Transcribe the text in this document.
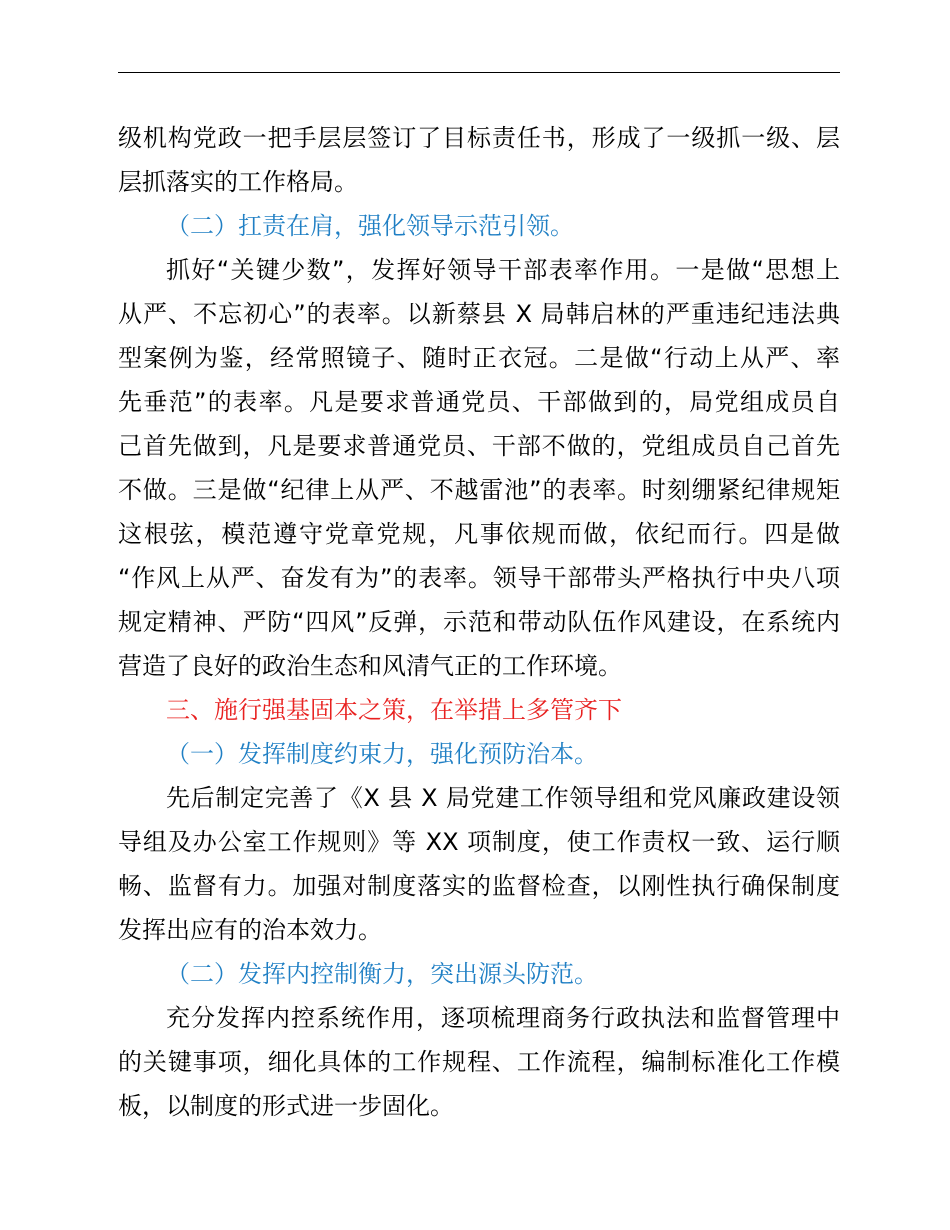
级机构党政一把手层层签订了目标责任书，形成了一级抓一级、层
层抓落实的工作格局。
（二）扛责在肩，强化领导示范引领。
抓好“关键少数”，发挥好领导干部表率作用。一是做“思想上
从严、不忘初心”的表率。以新蔡县 X 局韩启林的严重违纪违法典
型案例为鉴，经常照镜子、随时正衣冠。二是做“行动上从严、率
先垂范”的表率。凡是要求普通党员、干部做到的，局党组成员自
己首先做到，凡是要求普通党员、干部不做的，党组成员自己首先
不做。三是做“纪律上从严、不越雷池”的表率。时刻绷紧纪律规矩
这根弦，模范遵守党章党规，凡事依规而做，依纪而行。四是做
“作风上从严、奋发有为”的表率。领导干部带头严格执行中央八项
规定精神、严防“四风”反弹，示范和带动队伍作风建设，在系统内
营造了良好的政治生态和风清气正的工作环境。
三、施行强基固本之策，在举措上多管齐下
（一）发挥制度约束力，强化预防治本。
先后制定完善了《X 县 X 局党建工作领导组和党风廉政建设领
导组及办公室工作规则》等 XX 项制度，使工作责权一致、运行顺
畅、监督有力。加强对制度落实的监督检查，以刚性执行确保制度
发挥出应有的治本效力。
（二）发挥内控制衡力，突出源头防范。
充分发挥内控系统作用，逐项梳理商务行政执法和监督管理中
的关键事项，细化具体的工作规程、工作流程，编制标准化工作模
板，以制度的形式进一步固化。
